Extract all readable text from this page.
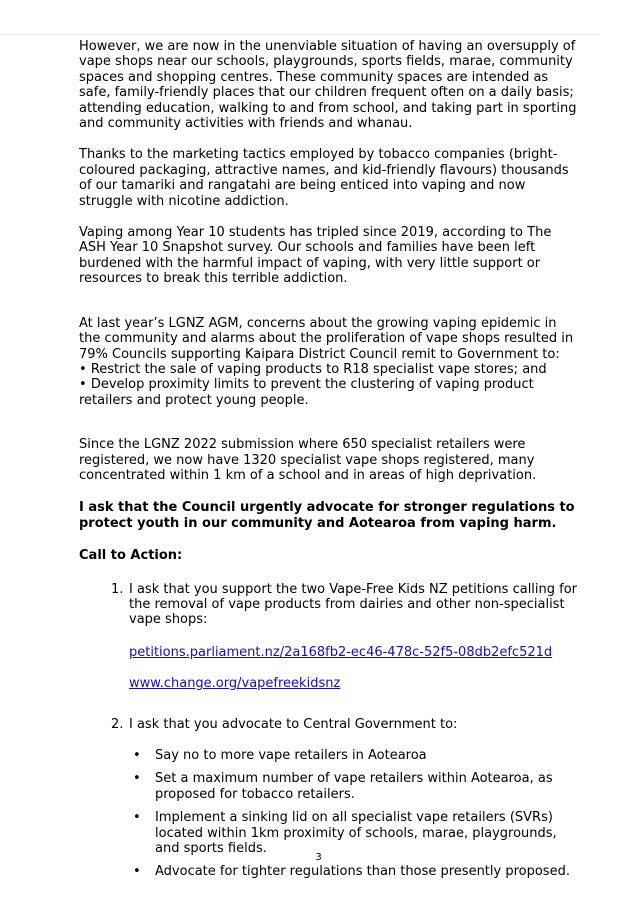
However, we are now in the unenviable situation of having an oversupply of vape shops near our schools, playgrounds, sports fields, marae, community spaces and shopping centres. These community spaces are intended as safe, family-friendly places that our children frequent often on a daily basis; attending education, walking to and from school, and taking part in sporting and community activities with friends and whanau.

Thanks to the marketing tactics employed by tobacco companies (bright-coloured packaging, attractive names, and kid-friendly flavours) thousands of our tamariki and rangatahi are being enticed into vaping and now struggle with nicotine addiction.

Vaping among Year 10 students has tripled since 2019, according to The ASH Year 10 Snapshot survey. Our schools and families have been left burdened with the harmful impact of vaping, with very little support or resources to break this terrible addiction.

At last year’s LGNZ AGM, concerns about the growing vaping epidemic in the community and alarms about the proliferation of vape shops resulted in 79% Councils supporting Kaipara District Council remit to Government to:

• Restrict the sale of vaping products to R18 specialist vape stores; and

• Develop proximity limits to prevent the clustering of vaping product retailers and protect young people.

Since the LGNZ 2022 submission where 650 specialist retailers were registered, we now have 1320 specialist vape shops registered, many concentrated within 1 km of a school and in areas of high deprivation.

I ask that the Council urgently advocate for stronger regulations to protect youth in our community and Aotearoa from vaping harm.

Call to Action:

1. I ask that you support the two Vape-Free Kids NZ petitions calling for the removal of vape products from dairies and other non-specialist vape shops:

petitions.parliament.nz/2a168fb2-ec46-478c-52f5-08db2efc521d

www.change.org/vapefreekidsnz

2. I ask that you advocate to Central Government to:
•	Say no to more vape retailers in Aotearoa
•	Set a maximum number of vape retailers within Aotearoa, as proposed for tobacco retailers.
•	Implement a sinking lid on all specialist vape retailers (SVRs) located within 1km proximity of schools, marae, playgrounds, and sports fields.
•	Advocate for tighter regulations than those presently proposed.
3
